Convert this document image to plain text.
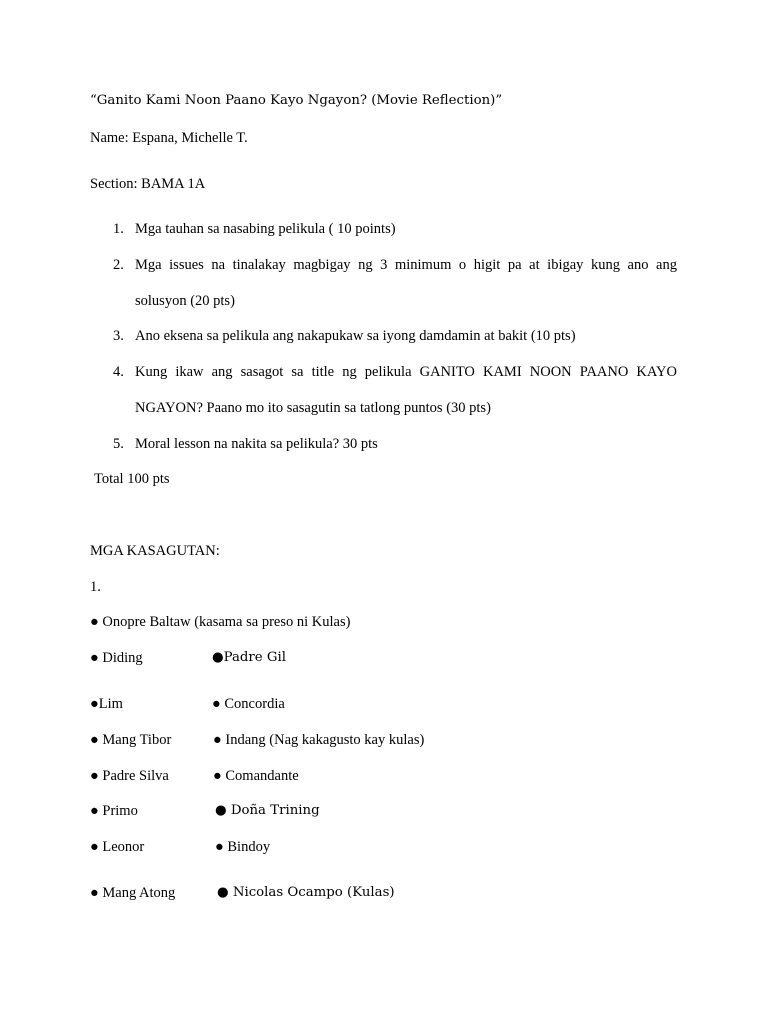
“Ganito Kami Noon Paano Kayo Ngayon? (Movie Reflection)”
Name: Espana, Michelle T.
Section: BAMA 1A
1. Mga tauhan sa nasabing pelikula ( 10 points)
2. Mga issues na tinalakay magbigay ng 3 minimum o higit pa at ibigay kung ano ang
solusyon (20 pts)
3. Ano eksena sa pelikula ang nakapukaw sa iyong damdamin at bakit (10 pts)
4. Kung ikaw ang sasagot sa title ng pelikula GANITO KAMI NOON PAANO KAYO
NGAYON? Paano mo ito sasagutin sa tatlong puntos (30 pts)
5. Moral lesson na nakita sa pelikula? 30 pts
Total 100 pts
MGA KASAGUTAN:
1.
● Onopre Baltaw (kasama sa preso ni Kulas)
● Diding	●Padre Gil
●Lim	● Concordia
● Mang Tibor	● Indang (Nag kakagusto kay kulas)
● Padre Silva	● Comandante
● Primo	● Doña Trining
● Leonor	● Bindoy
● Mang Atong	● Nicolas Ocampo (Kulas)
